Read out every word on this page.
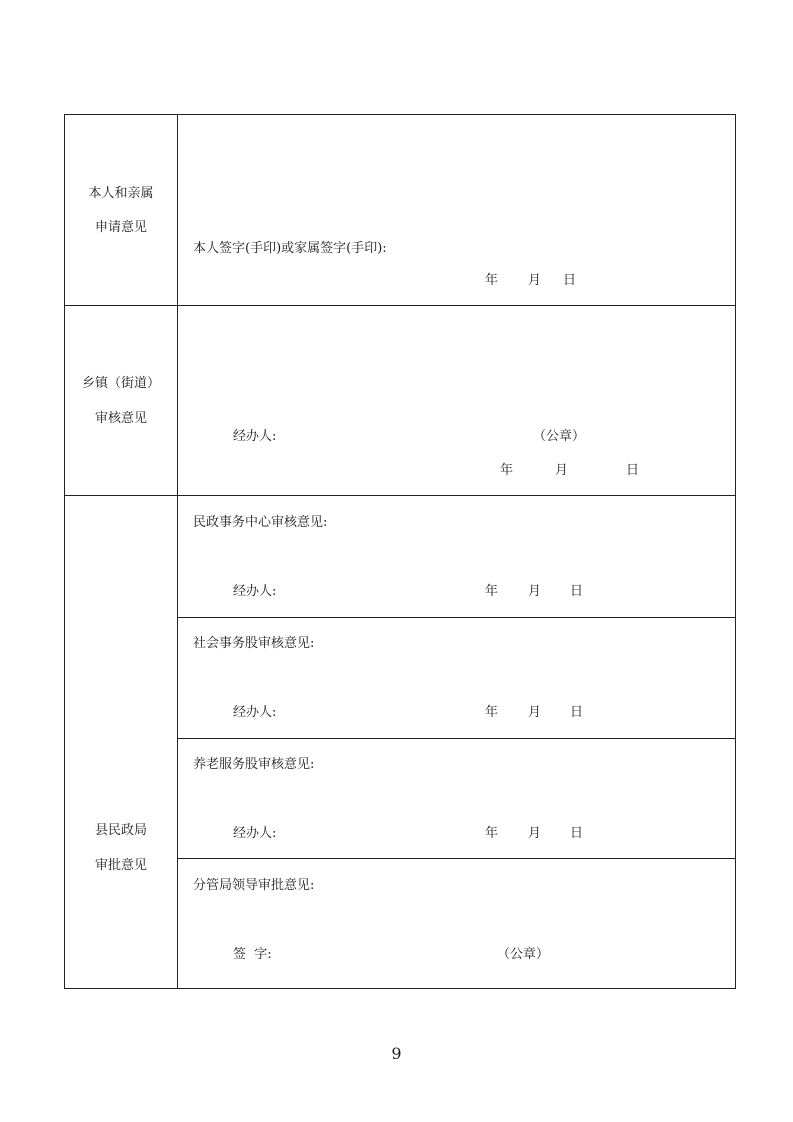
本人和亲属
申请意见
本人签字(手印)或家属签字(手印):
年 月 日
乡镇（街道）
审核意见
经办人:	（公章）
年	月	日
县民政局
审批意见
民政事务中心审核意见:
经办人:	年 月 日
社会事务股审核意见:
经办人:	年 月 日
养老服务股审核意见:
经办人:	年 月 日
分管局领导审批意见:
签  字:	（公章）
9
